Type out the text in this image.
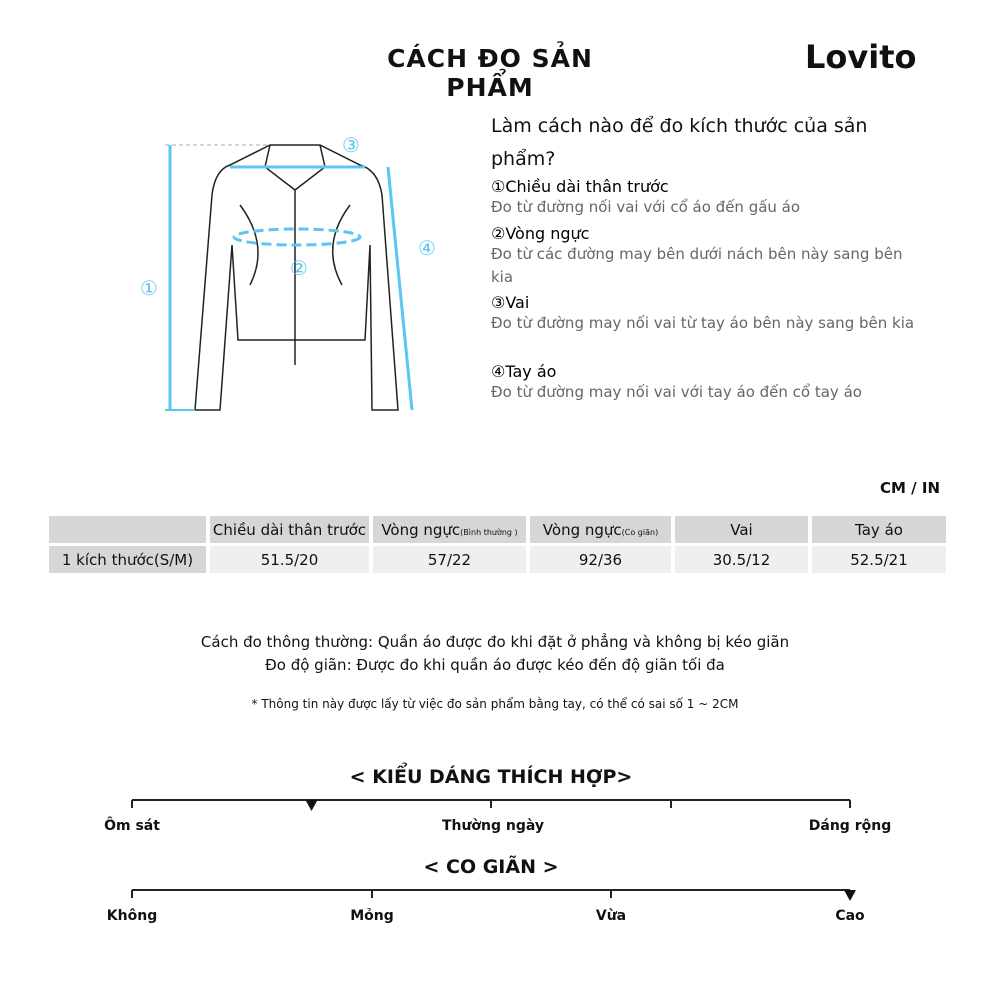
CÁCH ĐO SẢN PHẨM
Lovito
①
②
③
④
Làm cách nào để đo kích thước của sản phẩm?
①Chiều dài thân trước
Đo từ đường nối vai với cổ áo đến gấu áo
②Vòng ngực
Đo từ các đường may bên dưới nách bên này sang bên kia
③Vai
Đo từ đường may nối vai từ tay áo bên này sang bên kia
④Tay áo
Đo từ đường may nối vai với tay áo đến cổ tay áo
CM / IN
	Chiều dài thân trước	Vòng ngực(Bình thường )	Vòng ngực(Co giãn)	Vai	Tay áo
1 kích thước(S/M)	51.5/20	57/22	92/36	30.5/12	52.5/21
Cách đo thông thường: Quần áo được đo khi đặt ở phẳng và không bị kéo giãn
Đo độ giãn: Được đo khi quần áo được kéo đến độ giãn tối đa
* Thông tin này được lấy từ việc đo sản phẩm bằng tay, có thể có sai số 1 ~ 2CM
< KIỂU DÁNG THÍCH HỢP>
Ôm sát	Thường ngày	Dáng rộng
< CO GIÃN >
Không	Mỏng	Vừa	Cao
